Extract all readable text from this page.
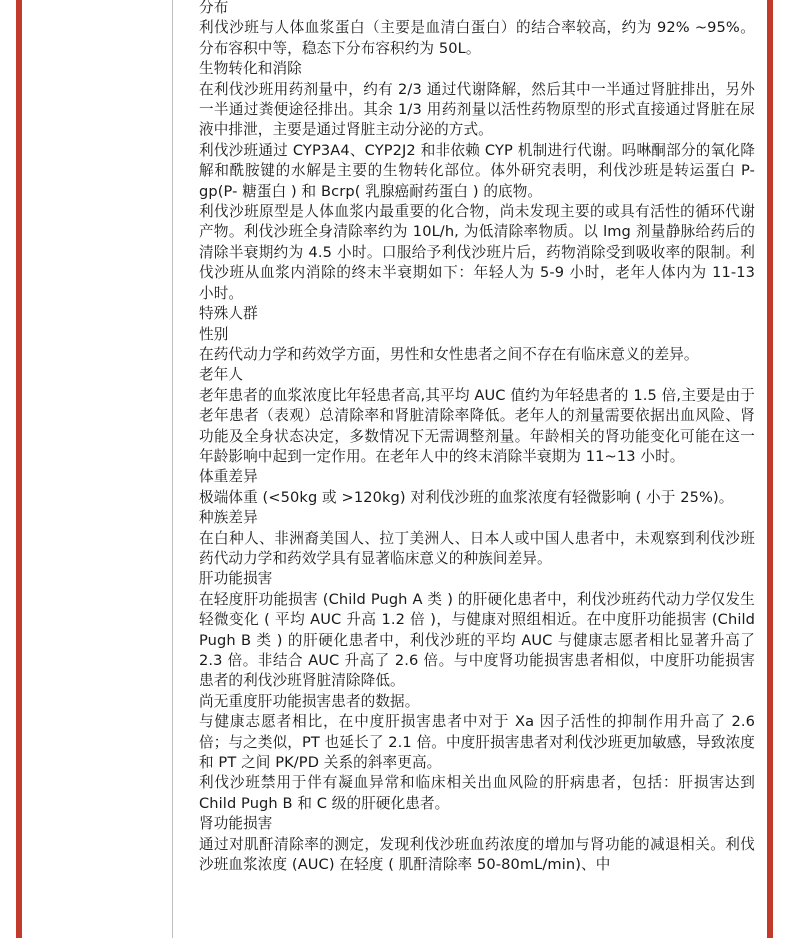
分布

利伐沙班与人体血浆蛋白（主要是血清白蛋白）的结合率较高，约为 92% ~95%。分布容积中等，稳态下分布容积约为 50L。

生物转化和消除

在利伐沙班用药剂量中，约有 2/3 通过代谢降解，然后其中一半通过肾脏排出，另外一半通过粪便途径排出。其余 1/3 用药剂量以活性药物原型的形式直接通过肾脏在尿液中排泄，主要是通过肾脏主动分泌的方式。

利伐沙班通过 CYP3A4、CYP2J2 和非依赖 CYP 机制进行代谢。吗啉酮部分的氧化降解和酰胺键的水解是主要的生物转化部位。体外研究表明，利伐沙班是转运蛋白 P-gp(P- 糖蛋白 ) 和 Bcrp( 乳腺癌耐药蛋白 ) 的底物。

利伐沙班原型是人体血浆内最重要的化合物，尚未发现主要的或具有活性的循环代谢产物。利伐沙班全身清除率约为 10L/h, 为低清除率物质。以 lmg 剂量静脉给药后的清除半衰期约为 4.5 小时。口服给予利伐沙班片后，药物消除受到吸收率的限制。利伐沙班从血浆内消除的终末半衰期如下：年轻人为 5-9 小时，老年人体内为 11-13 小时。

特殊人群
性别

在药代动力学和药效学方面，男性和女性患者之间不存在有临床意义的差异。

老年人

老年患者的血浆浓度比年轻患者高,其平均 AUC 值约为年轻患者的 1.5 倍,主要是由于老年患者（表观）总清除率和肾脏清除率降低。老年人的剂量需要依据出血风险、肾功能及全身状态决定，多数情况下无需调整剂量。年龄相关的肾功能变化可能在这一年龄影响中起到一定作用。在老年人中的终末消除半衰期为 11~13 小时。

体重差异

极端体重 (<50kg 或 >120kg) 对利伐沙班的血浆浓度有轻微影响 ( 小于 25%)。

种族差异

在白种人、非洲裔美国人、拉丁美洲人、日本人或中国人患者中，未观察到利伐沙班药代动力学和药效学具有显著临床意义的种族间差异。

肝功能损害

在轻度肝功能损害 (Child Pugh A 类 ) 的肝硬化患者中，利伐沙班药代动力学仅发生轻微变化 ( 平均 AUC 升高 1.2 倍 )，与健康对照组相近。在中度肝功能损害 (Child Pugh B 类 ) 的肝硬化患者中，利伐沙班的平均 AUC 与健康志愿者相比显著升高了 2.3 倍。非结合 AUC 升高了 2.6 倍。与中度肾功能损害患者相似，中度肝功能损害患者的利伐沙班肾脏清除降低。

尚无重度肝功能损害患者的数据。

与健康志愿者相比，在中度肝损害患者中对于 Xa 因子活性的抑制作用升高了 2.6 倍；与之类似，PT 也延长了 2.1 倍。中度肝损害患者对利伐沙班更加敏感，导致浓度和 PT 之间 PK/PD 关系的斜率更高。

利伐沙班禁用于伴有凝血异常和临床相关出血风险的肝病患者，包括：肝损害达到 Child Pugh B 和 C 级的肝硬化患者。

肾功能损害

通过对肌酐清除率的测定，发现利伐沙班血药浓度的增加与肾功能的减退相关。利伐沙班血浆浓度 (AUC) 在轻度 ( 肌酐清除率 50-80mL/min)、中
